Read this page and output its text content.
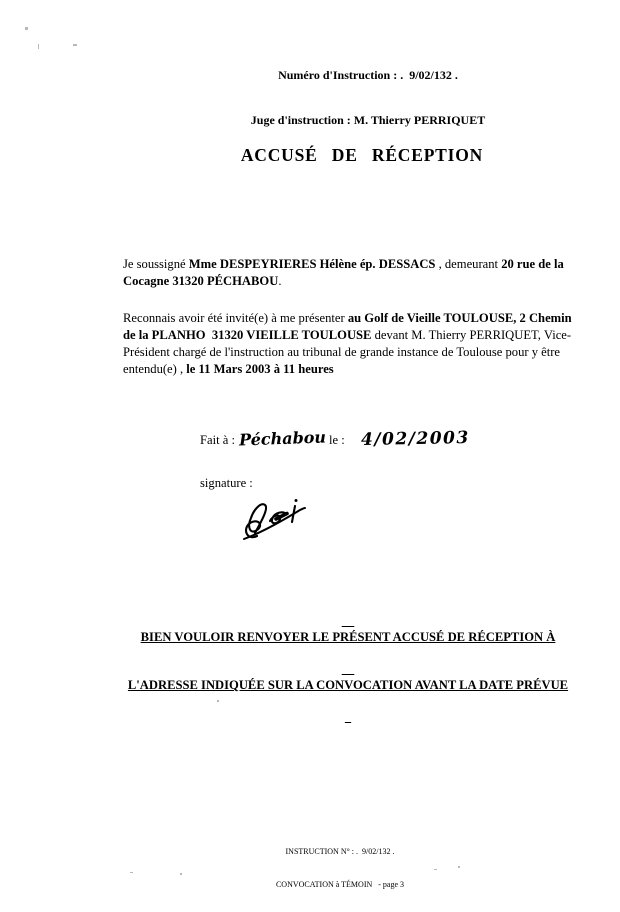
Numéro d'Instruction : .  9/02/132 .

Juge d'instruction : M. Thierry PERRIQUET

ACCUSÉ DE RÉCEPTION
Je soussigné Mme DESPEYRIERES Hélène ép. DESSACS , demeurant 20 rue de la Cocagne 31320 PÉCHABOU.
Reconnais avoir été invité(e) à me présenter au Golf de Vieille TOULOUSE, 2 Chemin de la PLANHO  31320 VIEILLE TOULOUSE devant M. Thierry PERRIQUET, Vice-Président chargé de l'instruction au tribunal de grande instance de Toulouse pour y être entendu(e) , le 11 Mars 2003 à 11 heures
Fait à : Péchabou le : 4/02/2003
signature :

BIEN VOULOIR RENVOYER LE PRÉSENT ACCUSÉ DE RÉCEPTION À

L'ADRESSE INDIQUÉE SUR LA CONVOCATION AVANT LA DATE PRÉVUE

INSTRUCTION N° : .  9/02/132 .

CONVOCATION à TÉMOIN   - page 3
